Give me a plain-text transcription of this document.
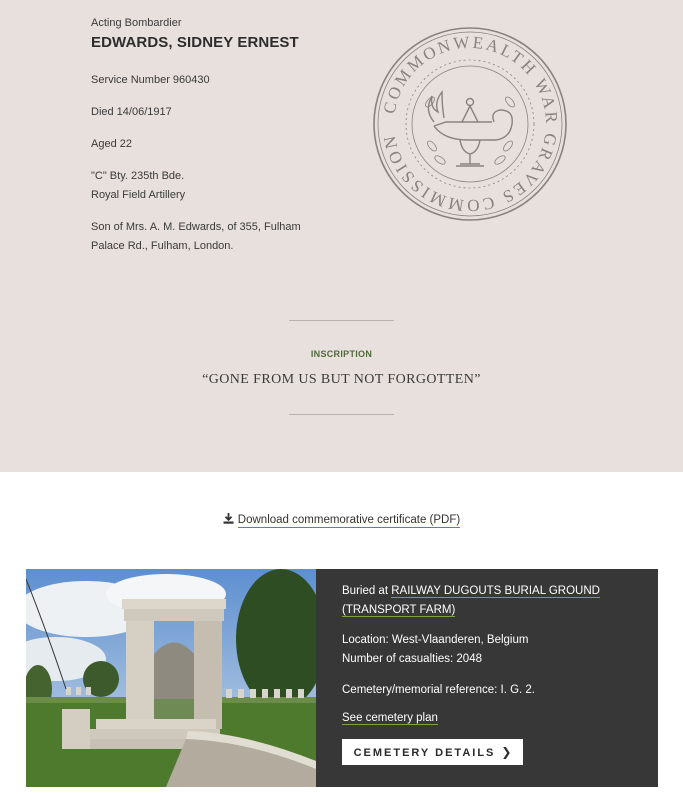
Acting Bombardier
EDWARDS, SIDNEY ERNEST
Service Number 960430
Died 14/06/1917
Aged 22
"C" Bty. 235th Bde.
Royal Field Artillery
Son of Mrs. A. M. Edwards, of 355, Fulham
Palace Rd., Fulham, London.
COMMONWEALTH WAR GRAVES COMMISSION
INSCRIPTION
“GONE FROM US BUT NOT FORGOTTEN”
Download commemorative certificate (PDF)
Buried at RAILWAY DUGOUTS BURIAL GROUND
(TRANSPORT FARM)
Location: West-Vlaanderen, Belgium
Number of casualties: 2048
Cemetery/memorial reference: I. G. 2.
See cemetery plan
CEMETERY DETAILS ❯
